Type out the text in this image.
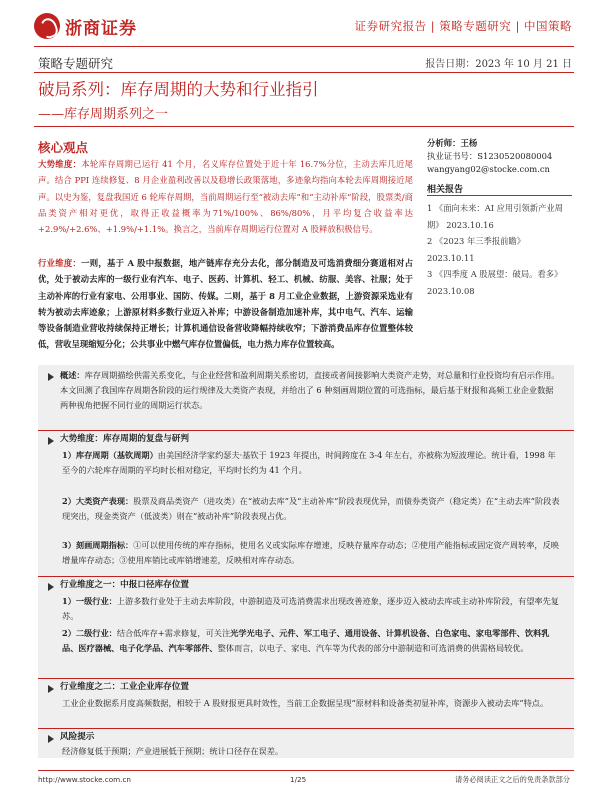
浙商证券	证券研究报告 | 策略专题研究 | 中国策略
策略专题研究	报告日期：2023 年 10 月 21 日
破局系列：库存周期的大势和行业指引
——库存周期系列之一
核心观点
大势维度：本轮库存周期已运行 41 个月，名义库存位置处于近十年 16.7%分位，主动去库几近尾声。结合 PPI 连续修复、8 月企业盈利改善以及稳增长政策落地，多迹象均指向本轮去库周期接近尾声。以史为鉴，复盘我国近 6 轮库存周期，当前周期运行至“被动去库”和“主动补库”阶段，股票类/商品类资产相对更优，取得正收益概率为71%/100%、86%/80%，月平均复合收益率达+2.9%/+2.6%、+1.9%/+1.1%。换言之，当前库存周期运行位置对 A 股释放积极信号。
行业维度：一则，基于 A 股中报数据，地产链库存充分去化，部分制造及可选消费细分赛道相对占优，处于被动去库的一级行业有汽车、电子、医药、计算机、轻工、机械、纺服、美容、社服；处于主动补库的行业有家电、公用事业、国防、传媒。二则，基于 8 月工业企业数据，上游资源采选业有转为被动去库迹象；上游原材料多数行业迈入补库；中游设备制造加速补库，其中电气、汽车、运输等设备制造业营收持续保持正增长；计算机通信设备营收降幅持续收窄；下游消费品库存位置整体较低，营收呈现缩短分化；公共事业中燃气库存位置偏低，电力热力库存位置较高。
分析师：王杨
执业证书号：S1230520080004
wangyang02@stocke.com.cn
相关报告
1 《面向未来：AI 应用引领新产业周期》 2023.10.16
2 《2023 年三季报前瞻》 2023.10.11
3 《四季度 A 股展望：破局。看多》 2023.10.08
概述：库存周期描绘供需关系变化，与企业经营和盈利周期关系密切，直接或者间接影响大类资产走势，对总量和行业投资均有启示作用。本文回测了我国库存周期各阶段的运行规律及大类资产表现，并给出了 6 种刻画周期位置的可选指标，最后基于财报和高频工业企业数据两种视角把握不同行业的周期运行状态。
大势维度：库存周期的复盘与研判
1）库存周期（基钦周期）由美国经济学家约瑟夫·基钦于 1923 年提出，时间跨度在 3-4 年左右，亦被称为短波理论。统计看，1998 年至今的六轮库存周期的平均时长相对稳定，平均时长约为 41 个月。
2）大类资产表现：股票及商品类资产（进攻类）在“被动去库”及“主动补库”阶段表现优异，而债券类资产（稳定类）在“主动去库”阶段表现突出，现金类资产（低波类）则在“被动补库”阶段表现占优。
3）刻画周期指标：①可以使用传统的库存指标，使用名义或实际库存增速，反映存量库存动态；②使用产能指标或固定资产周转率，反映增量库存动态；③使用库销比或库销增速差，反映相对库存动态。
行业维度之一：中报口径库存位置
1）一级行业：上游多数行业处于主动去库阶段，中游制造及可选消费需求出现改善迹象，逐步迈入被动去库或主动补库阶段，有望率先复苏。
2）二级行业：结合低库存+需求修复，可关注光学光电子、元件、军工电子、通用设备、计算机设备、白色家电、家电零部件、饮料乳品、医疗器械、电子化学品、汽车零部件、整体而言，以电子、家电、汽车等为代表的部分中游制造和可选消费的供需格局较优。
行业维度之二：工业企业库存位置
工业企业数据系月度高频数据，相较于 A 股财报更具时效性，当前工企数据呈现“原材料和设备类初显补库，资源步入被动去库”特点。
风险提示
经济修复低于预期；产业进展低于预期；统计口径存在误差。
http://www.stocke.com.cn	1/25	请务必阅读正文之后的免责条款部分
